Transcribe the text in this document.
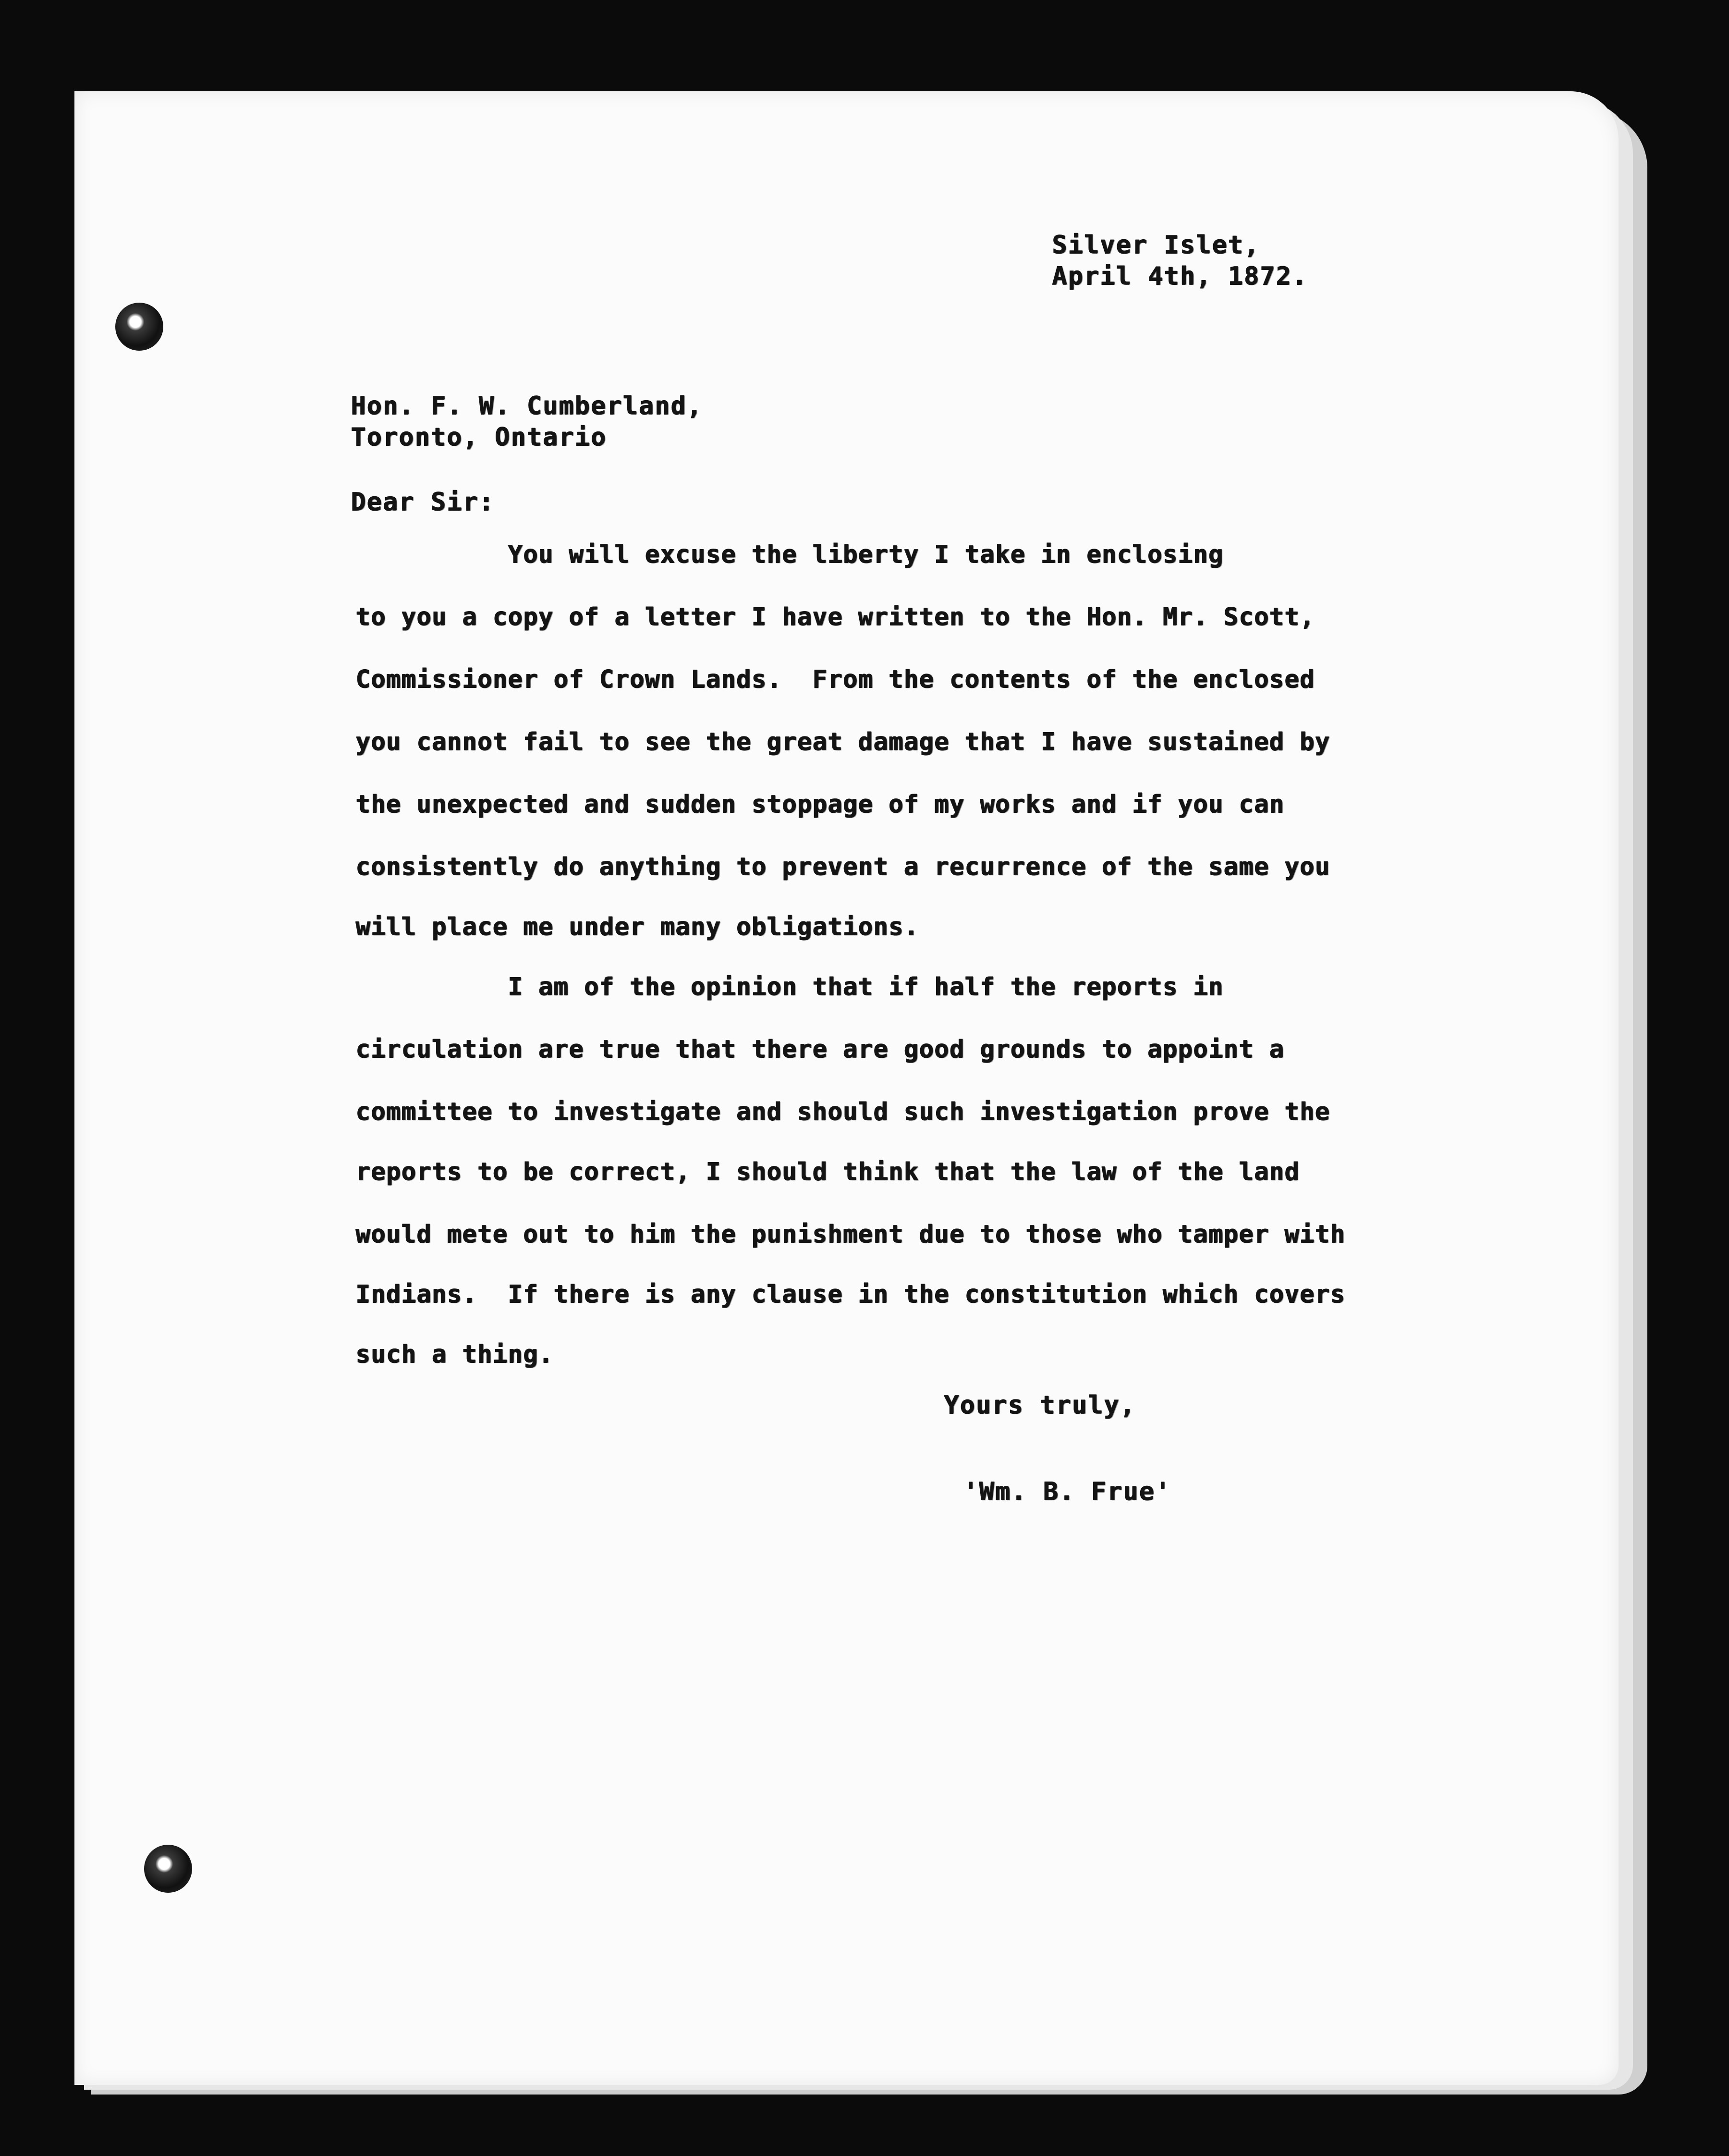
Silver Islet,
April 4th, 1872.
Hon. F. W. Cumberland,
Toronto, Ontario
Dear Sir:
You will excuse the liberty I take in enclosing
to you a copy of a letter I have written to the Hon. Mr. Scott,
Commissioner of Crown Lands.  From the contents of the enclosed
you cannot fail to see the great damage that I have sustained by
the unexpected and sudden stoppage of my works and if you can
consistently do anything to prevent a recurrence of the same you
will place me under many obligations.
I am of the opinion that if half the reports in
circulation are true that there are good grounds to appoint a
committee to investigate and should such investigation prove the
reports to be correct, I should think that the law of the land
would mete out to him the punishment due to those who tamper with
Indians.  If there is any clause in the constitution which covers
such a thing.
Yours truly,
'Wm. B. Frue'
